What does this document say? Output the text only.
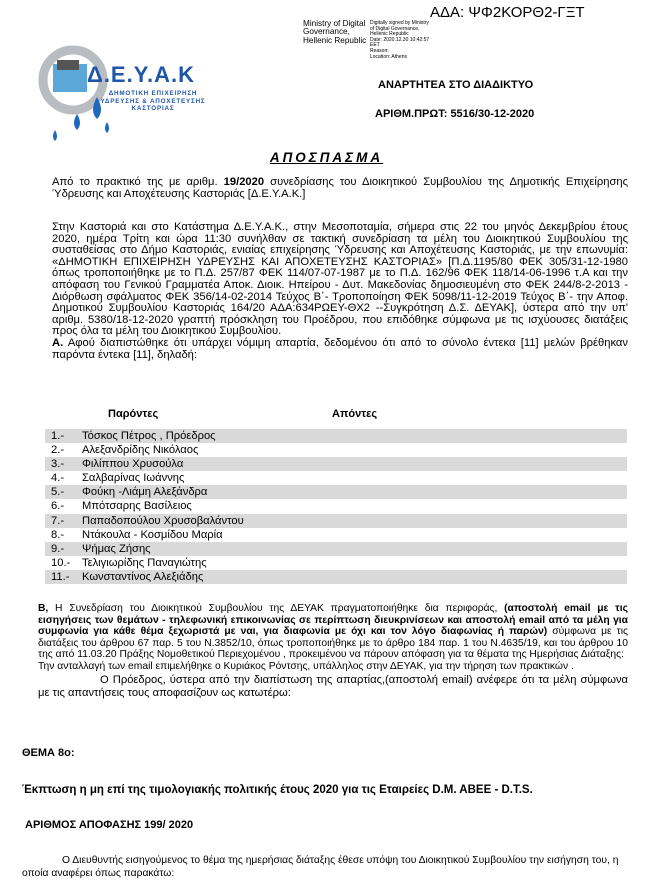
ΑΔΑ: ΨΦ2ΚΟΡΘ2-ΓΞΤ
Ministry of Digital
Governance,
Hellenic Republic
Digitally signed by Ministry
of Digital Governance,
Hellenic Republic
Date: 2020.12.30 10:42:57
EET
Reason:
Location: Athens
Δ.Ε.Υ.Α.Κ
ΔΗΜΟΤΙΚΗ ΕΠΙΧΕΙΡΗΣΗ
ΥΔΡΕΥΣΗΣ & ΑΠΟΧΕΤΕΥΣΗΣ
ΚΑΣΤΟΡΙΑΣ
ΑΝΑΡΤΗΤΕΑ ΣΤΟ ΔΙΑΔΙΚΤΥΟ
ΑΡΙΘΜ.ΠΡΩΤ: 5516/30-12-2020
ΑΠΟΣΠΑΣΜΑ
Από το πρακτικό της με αριθμ. 19/2020 συνεδρίασης του Διοικητικού Συμβουλίου της Δημοτικής Επιχείρησης Ύδρευσης και Αποχέτευσης Καστοριάς [Δ.Ε.Υ.Α.Κ.]
Στην Καστοριά και στο Κατάστημα Δ.Ε.Υ.Α.Κ., στην Μεσοποταμία, σήμερα στις 22 του μηνός Δεκεμβρίου έτους 2020, ημέρα Τρίτη και ώρα 11:30 συνήλθαν σε τακτική συνεδρίαση τα μέλη του Διοικητικού Συμβουλίου της συσταθείσας στο Δήμο Καστοριάς, ενιαίας επιχείρησης Ύδρευσης και Αποχέτευσης Καστοριάς, με την επωνυμία: «ΔΗΜΟΤΙΚΗ ΕΠΙΧΕΙΡΗΣΗ ΥΔΡΕΥΣΗΣ ΚΑΙ ΑΠΟΧΕΤΕΥΣΗΣ ΚΑΣΤΟΡΙΑΣ» [Π.Δ.1195/80 ΦΕΚ 305/31-12-1980 όπως τροποποιήθηκε με το Π.Δ. 257/87 ΦΕΚ 114/07-07-1987 με το Π.Δ. 162/96 ΦΕΚ 118/14-06-1996 τ.Α και την απόφαση του Γενικού Γραμματέα Αποκ. Διοικ. Ηπείρου - Δυτ. Μακεδονίας δημοσιευμένη στο ΦΕΚ 244/8-2-2013 - Διόρθωση σφάλματος ΦΕΚ 356/14-02-2014 Τεύχος Β΄- Τροποποίηση ΦΕΚ 5098/11-12-2019 Τεύχος Β΄- την Αποφ. Δημοτικού Συμβουλίου Καστοριάς 164/20 ΑΔΑ:634ΡΩΕΥ-ΘΧ2 --Συγκρότηση Δ.Σ. ΔΕΥΑΚ], ύστερα από την υπ' αριθμ. 5380/18-12-2020 γραπτή πρόσκληση του Προέδρου, που επιδόθηκε σύμφωνα με τις ισχύουσες διατάξεις προς όλα τα μέλη του Διοικητικού Συμβουλίου.
Α. Αφού διαπιστώθηκε ότι υπάρχει νόμιμη απαρτία, δεδομένου ότι από το σύνολο έντεκα [11] μελών βρέθηκαν παρόντα έντεκα [11], δηλαδή:
Παρόντες	Απόντες
1.-	Τόσκος Πέτρος , Πρόεδρος
2.-	Αλεξανδρίδης Νικόλαος
3.-	Φιλίππου Χρυσούλα
4.-	Σαλβαρίνας Ιωάννης
5.-	Φούκη -Λιάμη Αλεξάνδρα
6.-	Μπότσαρης Βασίλειος
7.-	Παπαδοπούλου Χρυσοβαλάντου
8.-	Ντάκουλα - Κοσμίδου Μαρία
9.-	Ψήμας Ζήσης
10.-	Τελιγιωρίδης Παναγιώτης
11.-	Κωνσταντίνος Αλεξιάδης
Β, Η Συνεδρίαση του Διοικητικού Συμβουλίου της ΔΕΥΑΚ πραγματοποιήθηκε δια περιφοράς, (αποστολή email με τις εισηγήσεις των θεμάτων - τηλεφωνική επικοινωνίας σε περίπτωση διευκρινίσεων και αποστολή email από τα μέλη για συμφωνία για κάθε θέμα ξεχωριστά με ναι, για διαφωνία με όχι και τον λόγο διαφωνίας ή παρών) σύμφωνα με τις διατάξεις του άρθρου 67 παρ. 5 του Ν.3852/10, όπως τροποποιήθηκε με το άρθρο 184 παρ. 1 του Ν.4635/19, και του άρθρου 10 της από 11.03.20 Πράξης Νομοθετικού Περιεχομένου , προκειμένου να πάρουν απόφαση για τα θέματα της Ημερήσιας Διάταξης:
Την ανταλλαγή των email επιμελήθηκε ο Κυριάκος Ρόντσης, υπάλληλος στην ΔΕΥΑΚ, για την τήρηση των πρακτικών .
Ο Πρόεδρος, ύστερα από την διαπίστωση της απαρτίας,(αποστολή email) ανέφερε ότι τα μέλη σύμφωνα με τις απαντήσεις τους αποφασίζουν ως κατωτέρω:
ΘΕΜΑ 8ο:
Έκπτωση η μη επί της τιμολογιακής πολιτικής έτους 2020 για τις Εταιρείες D.M. ABEE - D.T.S.
ΑΡΙΘΜΟΣ ΑΠΟΦΑΣΗΣ 199/ 2020
Ο Διευθυντής εισηγούμενος το θέμα της ημερήσιας διάταξης έθεσε υπόψη του Διοικητικού Συμβουλίου την εισήγηση του, η οποία αναφέρει όπως παρακάτω:
